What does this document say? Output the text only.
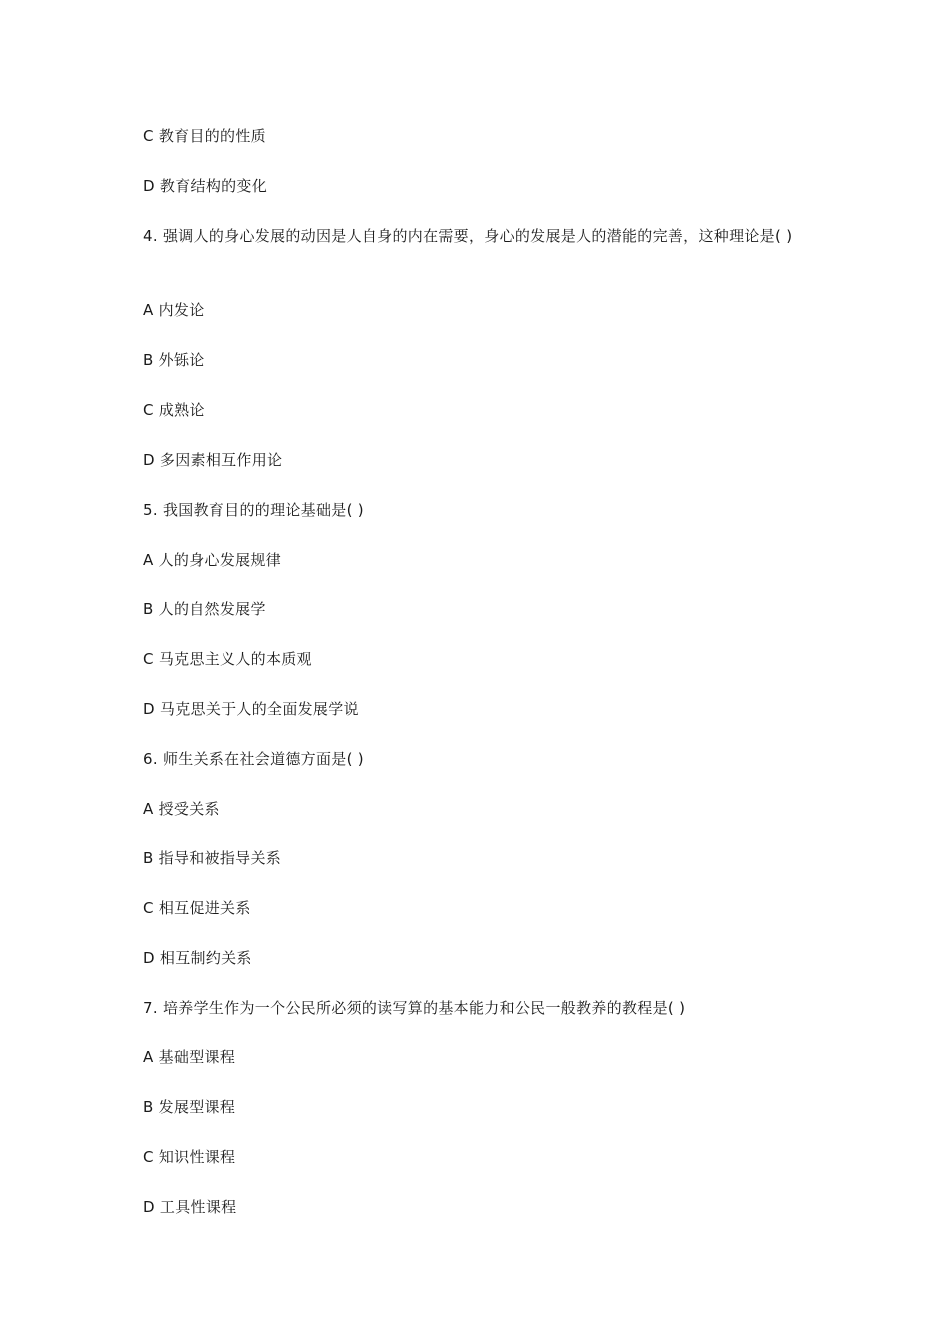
C 教育目的的性质
D 教育结构的变化
4. 强调人的身心发展的动因是人自身的内在需要，身心的发展是人的潜能的完善，这种理论是( )
A 内发论
B 外铄论
C 成熟论
D 多因素相互作用论
5. 我国教育目的的理论基础是( )
A 人的身心发展规律
B 人的自然发展学
C 马克思主义人的本质观
D 马克思关于人的全面发展学说
6. 师生关系在社会道德方面是( )
A 授受关系
B 指导和被指导关系
C 相互促进关系
D 相互制约关系
7. 培养学生作为一个公民所必须的读写算的基本能力和公民一般教养的教程是( )
A 基础型课程
B 发展型课程
C 知识性课程
D 工具性课程
